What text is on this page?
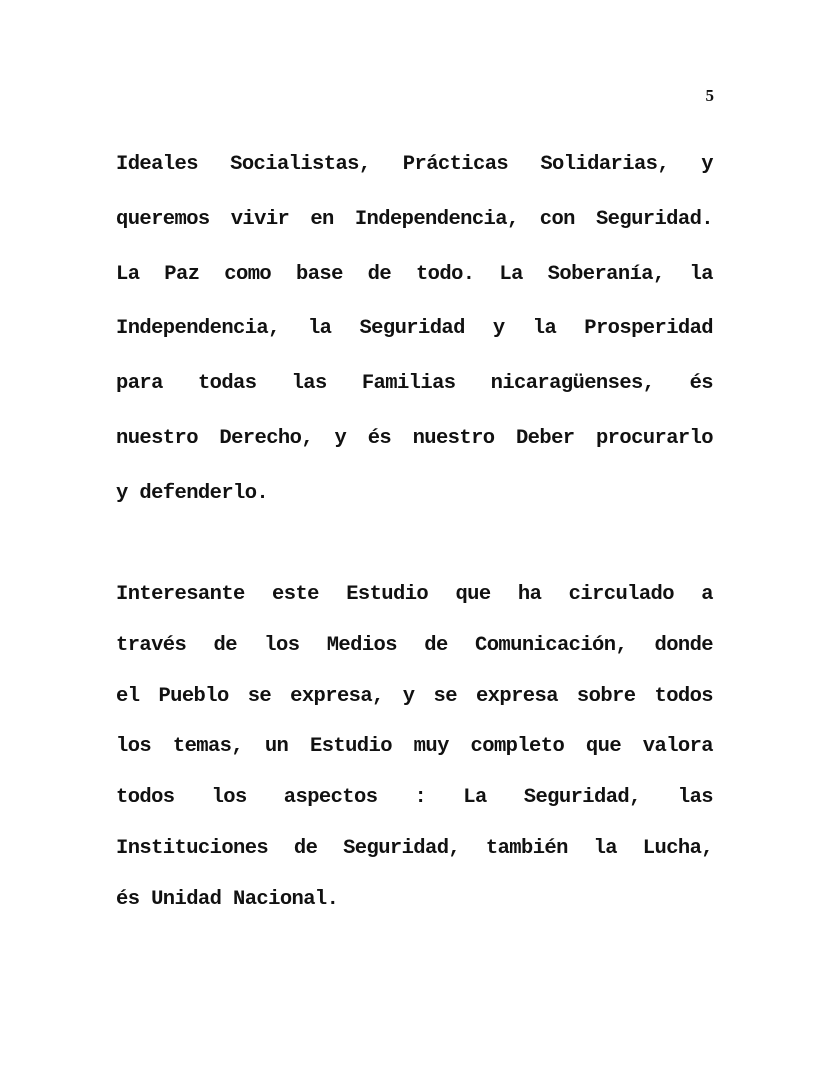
5
Ideales Socialistas, Prácticas Solidarias, y
queremos vivir en Independencia, con Seguridad.
La Paz como base de todo. La Soberanía, la
Independencia, la Seguridad y la Prosperidad
para todas las Familias nicaragüenses, és
nuestro Derecho, y és nuestro Deber procurarlo
y defenderlo.
Interesante este Estudio que ha circulado a
través de los Medios de Comunicación, donde
el Pueblo se expresa, y se expresa sobre todos
los temas, un Estudio muy completo que valora
todos los aspectos : La Seguridad, las
Instituciones de Seguridad, también la Lucha,
és Unidad Nacional.
